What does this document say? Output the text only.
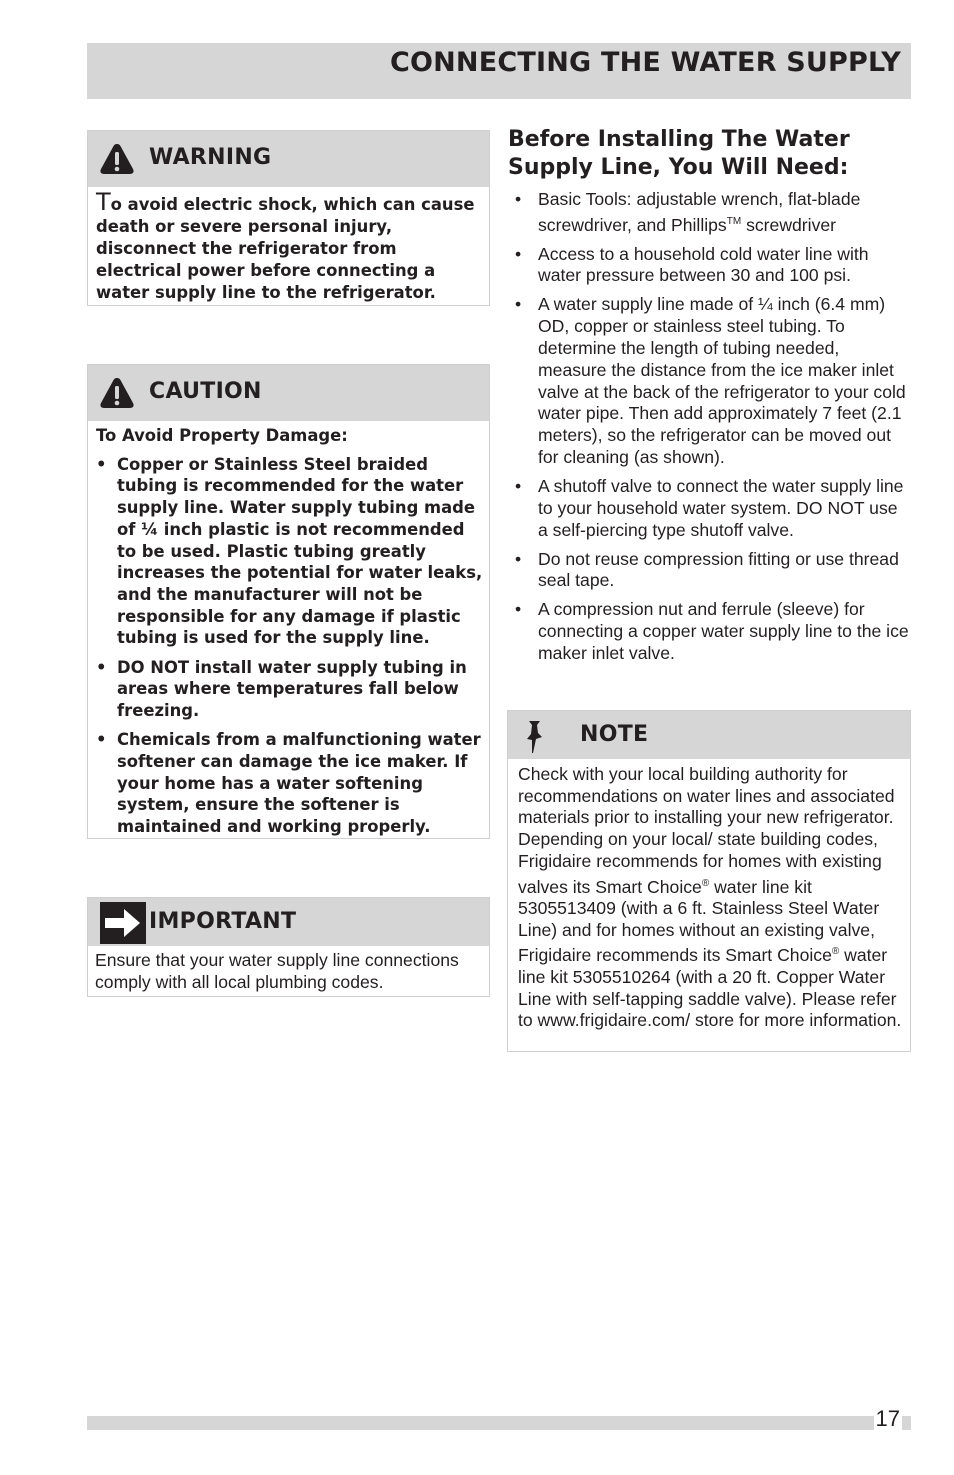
CONNECTING THE WATER SUPPLY
WARNING
To avoid electric shock, which can cause death or severe personal injury, disconnect the refrigerator from electrical power before connecting a water supply line to the refrigerator.
CAUTION
To Avoid Property Damage:
• Copper or Stainless Steel braided tubing is recommended for the water supply line. Water supply tubing made of ¼ inch plastic is not recommended to be used. Plastic tubing greatly increases the potential for water leaks, and the manufacturer will not be responsible for any damage if plastic tubing is used for the supply line.
• DO NOT install water supply tubing in areas where temperatures fall below freezing.
• Chemicals from a malfunctioning water softener can damage the ice maker. If your home has a water softening system, ensure the softener is maintained and working properly.
IMPORTANT
Ensure that your water supply line connections comply with all local plumbing codes.
Before Installing The Water Supply Line, You Will Need:
• Basic Tools: adjustable wrench, flat-blade screwdriver, and Phillips™ screwdriver
• Access to a household cold water line with water pressure between 30 and 100 psi.
• A water supply line made of ¼ inch (6.4 mm) OD, copper or stainless steel tubing. To determine the length of tubing needed, measure the distance from the ice maker inlet valve at the back of the refrigerator to your cold water pipe. Then add approximately 7 feet (2.1 meters), so the refrigerator can be moved out for cleaning (as shown).
• A shutoff valve to connect the water supply line to your household water system. DO NOT use a self-piercing type shutoff valve.
• Do not reuse compression fitting or use thread seal tape.
• A compression nut and ferrule (sleeve) for connecting a copper water supply line to the ice maker inlet valve.
NOTE
Check with your local building authority for recommendations on water lines and associated materials prior to installing your new refrigerator. Depending on your local/ state building codes, Frigidaire recommends for homes with existing valves its Smart Choice® water line kit 5305513409 (with a 6 ft. Stainless Steel Water Line) and for homes without an existing valve, Frigidaire recommends its Smart Choice® water line kit 5305510264 (with a 20 ft. Copper Water Line with self-tapping saddle valve). Please refer to www.frigidaire.com/ store for more information.
17
